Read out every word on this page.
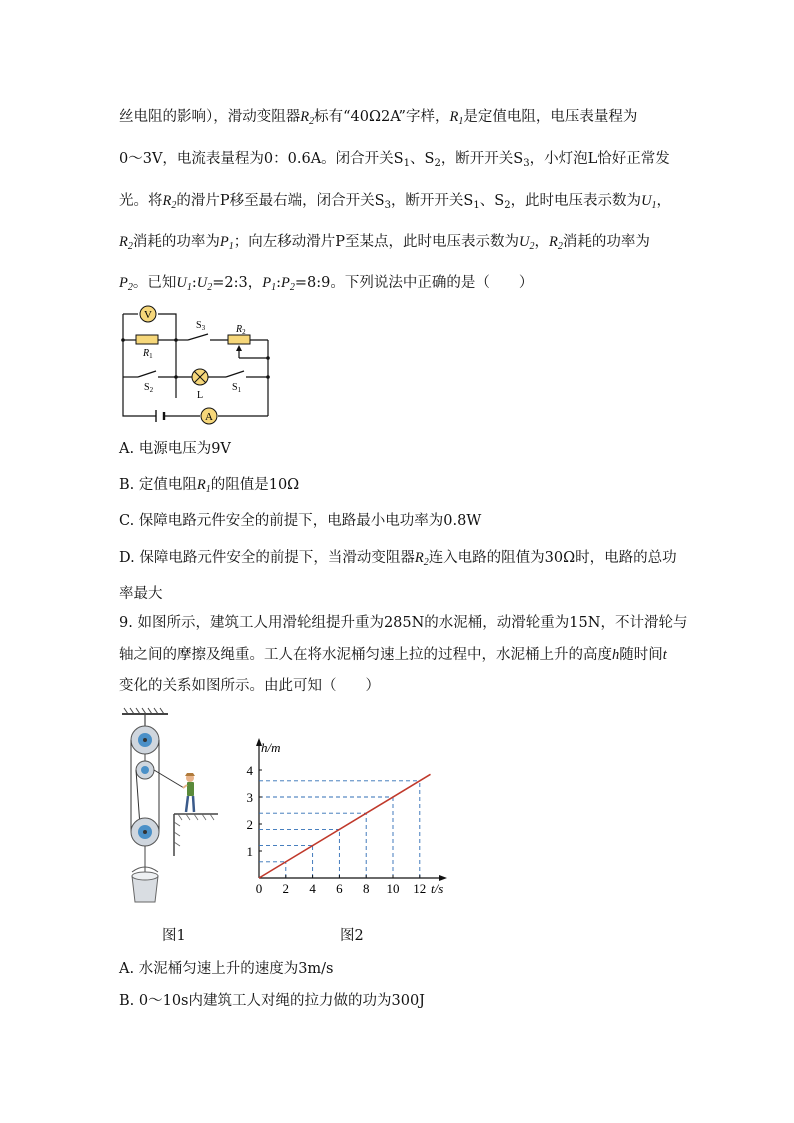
丝电阻的影响），滑动变阻器$R_2$标有“40Ω2A”字样，$R_1$是定值电阻，电压表量程为
0～3V，电流表量程为0：0.6A。闭合开关$S_1$、$S_2$，断开开关$S_3$，小灯泡L恰好正常发
光。将$R_2$的滑片P移至最右端，闭合开关$S_3$，断开开关$S_1$、$S_2$，此时电压表示数为$U_1$，
$R_2$消耗的功率为$P_1$；向左移动滑片P至某点，此时电压表示数为$U_2$，$R_2$消耗的功率为
$P_2$。已知$U_1:U_2=2:3$，$P_1:P_2=8:9$。下列说法中正确的是（　　）
V
A
$R_1$
$R_2$
$S_3$
$S_2$	$S_1$
L
A. 电源电压为9V
B. 定值电阻$R_1$的阻值是10Ω
C. 保障电路元件安全的前提下，电路最小电功率为0.8W
D. 保障电路元件安全的前提下，当滑动变阻器$R_2$连入电路的阻值为30Ω时，电路的总功
率最大
9. 如图所示，建筑工人用滑轮组提升重为285N的水泥桶，动滑轮重为15N，不计滑轮与
轴之间的摩擦及绳重。工人在将水泥桶匀速上拉的过程中，水泥桶上升的高度h随时间t
变化的关系如图所示。由此可知（　　）
0 2 4 6 8 10 12
1
2
3
4
t/s
h/m
图1	图2
A. 水泥桶匀速上升的速度为3m/s
B. 0～10s内建筑工人对绳的拉力做的功为300J
